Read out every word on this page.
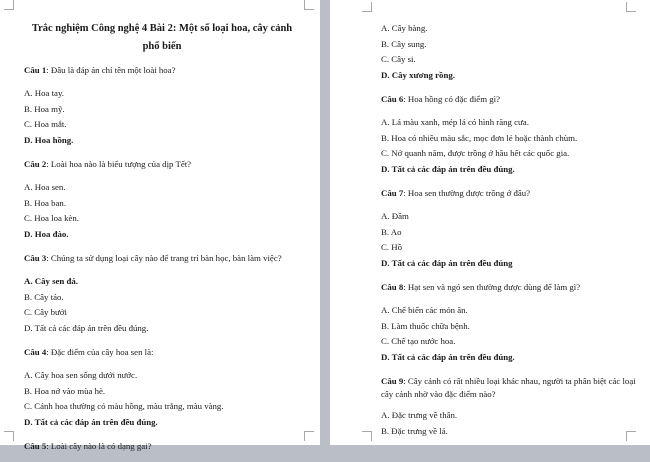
Trắc nghiệm Công nghệ 4 Bài 2: Một số loại hoa, cây cảnh phổ biến
Câu 1: Đâu là đáp án chỉ tên một loài hoa?
A. Hoa tay.
B. Hoa mỹ.
C. Hoa mắt.
D. Hoa hồng.
Câu 2: Loài hoa nào là biểu tượng của dịp Tết?
A. Hoa sen.
B. Hoa ban.
C. Hoa loa kèn.
D. Hoa đào.
Câu 3: Chúng ta sử dụng loại cây nào để trang trí bàn học, bàn làm việc?
A. Cây sen đá.
B. Cây táo.
C. Cây bưởi
D. Tất cả các đáp án trên đều đúng.
Câu 4: Đặc điểm của cây hoa sen là:
A. Cây hoa sen sống dưới nước.
B. Hoa nở vào mùa hè.
C. Cánh hoa thường có màu hồng, màu trắng, màu vàng.
D. Tất cả các đáp án trên đều đúng.
Câu 5: Loài cây nào là có dạng gai?
A. Cây bàng.
B. Cây sung.
C. Cây si.
D. Cây xương rồng.
Câu 6: Hoa hồng có đặc điểm gì?
A. Lá màu xanh, mép lá có hình răng cưa.
B. Hoa có nhiều màu sắc, mọc đơn lẻ hoặc thành chùm.
C. Nở quanh năm, được trồng ở hầu hết các quốc gia.
D. Tất cả các đáp án trên đều đúng.
Câu 7: Hoa sen thường được trồng ở đâu?
A. Đầm
B. Ao
C. Hồ
D. Tất cả các đáp án trên đều đúng
Câu 8: Hạt sen và ngó sen thường được dùng để làm gì?
A. Chế biến các món ăn.
B. Làm thuốc chữa bệnh.
C. Chế tạo nước hoa.
D. Tất cả các đáp án trên đều đúng.
Câu 9: Cây cảnh có rất nhiều loại khác nhau, người ta phân biệt các loại cây cảnh nhờ vào đặc điểm nào?
A. Đặc trưng về thân.
B. Đặc trưng về lá.
